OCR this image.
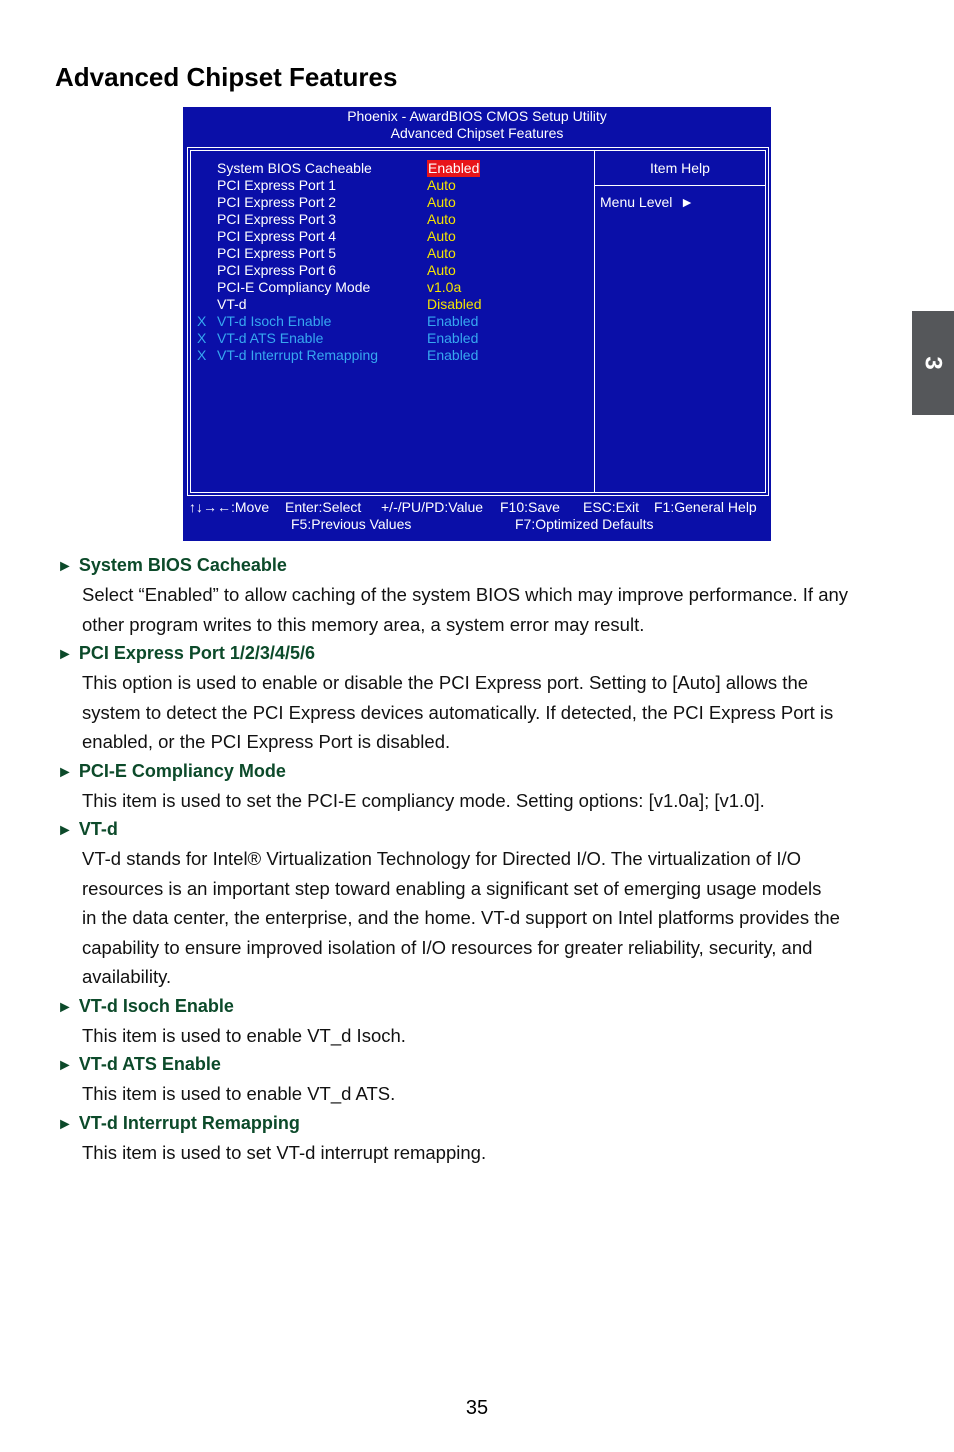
Advanced Chipset Features
3
Phoenix - AwardBIOS CMOS Setup Utility
Advanced Chipset Features
System BIOS Cacheable	Enabled
PCI Express Port 1	Auto
PCI Express Port 2	Auto
PCI Express Port 3	Auto
PCI Express Port 4	Auto
PCI Express Port 5	Auto
PCI Express Port 6	Auto
PCI-E Compliancy Mode	v1.0a
VT-d	Disabled
X VT-d Isoch Enable	Enabled
X VT-d ATS Enable	Enabled
X VT-d Interrupt Remapping	Enabled
Item Help
Menu Level ►
↑↓→←:Move Enter:Select +/-/PU/PD:Value F10:Save ESC:Exit F1:General Help
F5:Previous Values	F7:Optimized Defaults
► System BIOS Cacheable
Select “Enabled” to allow caching of the system BIOS which may improve performance. If any
other program writes to this memory area, a system error may result.
► PCI Express Port 1/2/3/4/5/6
This option is used to enable or disable the PCI Express port. Setting to [Auto] allows the
system to detect the PCI Express devices automatically. If detected, the PCI Express Port is
enabled, or the PCI Express Port is disabled.
► PCI-E Compliancy Mode
This item is used to set the PCI-E compliancy mode. Setting options: [v1.0a]; [v1.0].
► VT-d
VT-d stands for Intel® Virtualization Technology for Directed I/O. The virtualization of I/O
resources is an important step toward enabling a significant set of emerging usage models
in the data center, the enterprise, and the home. VT-d support on Intel platforms provides the
capability to ensure improved isolation of I/O resources for greater reliability, security, and
availability.
► VT-d Isoch Enable
This item is used to enable VT_d Isoch.
► VT-d ATS Enable
This item is used to enable VT_d ATS.
► VT-d Interrupt Remapping
This item is used to set VT-d interrupt remapping.
35
